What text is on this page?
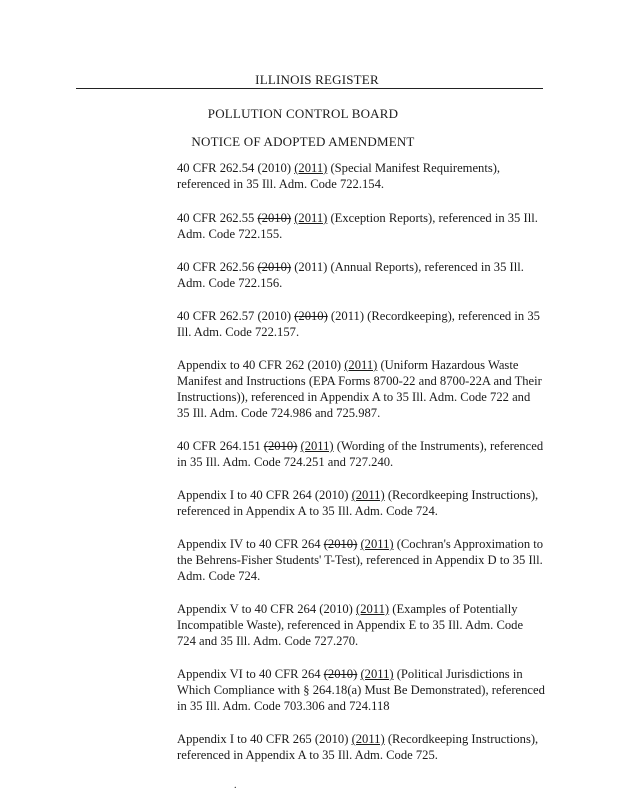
ILLINOIS REGISTER
POLLUTION CONTROL BOARD
NOTICE OF ADOPTED AMENDMENT

40 CFR 262.54 (2010) (2011) (Special Manifest Requirements), referenced in 35 Ill. Adm. Code 722.154.

40 CFR 262.55 (2010) (2011) (Exception Reports), referenced in 35 Ill. Adm. Code 722.155.

40 CFR 262.56 (2010) (2011) (Annual Reports), referenced in 35 Ill. Adm. Code 722.156.

40 CFR 262.57 (2010) (2010) (2011) (Recordkeeping), referenced in 35 Ill. Adm. Code 722.157.

Appendix to 40 CFR 262 (2010) (2011) (Uniform Hazardous Waste Manifest and Instructions (EPA Forms 8700-22 and 8700-22A and Their Instructions)), referenced in Appendix A to 35 Ill. Adm. Code 722 and 35 Ill. Adm. Code 724.986 and 725.987.

40 CFR 264.151 (2010) (2011) (Wording of the Instruments), referenced in 35 Ill. Adm. Code 724.251 and 727.240.

Appendix I to 40 CFR 264 (2010) (2011) (Recordkeeping Instructions), referenced in Appendix A to 35 Ill. Adm. Code 724.

Appendix IV to 40 CFR 264 (2010) (2011) (Cochran's Approximation to the Behrens-Fisher Students' T-Test), referenced in Appendix D to 35 Ill. Adm. Code 724.

Appendix V to 40 CFR 264 (2010) (2011) (Examples of Potentially Incompatible Waste), referenced in Appendix E to 35 Ill. Adm. Code 724 and 35 Ill. Adm. Code 727.270.

Appendix VI to 40 CFR 264 (2010) (2011) (Political Jurisdictions in Which Compliance with § 264.18(a) Must Be Demonstrated), referenced in 35 Ill. Adm. Code 703.306 and 724.118

Appendix I to 40 CFR 265 (2010) (2011) (Recordkeeping Instructions), referenced in Appendix A to 35 Ill. Adm. Code 725.

.
